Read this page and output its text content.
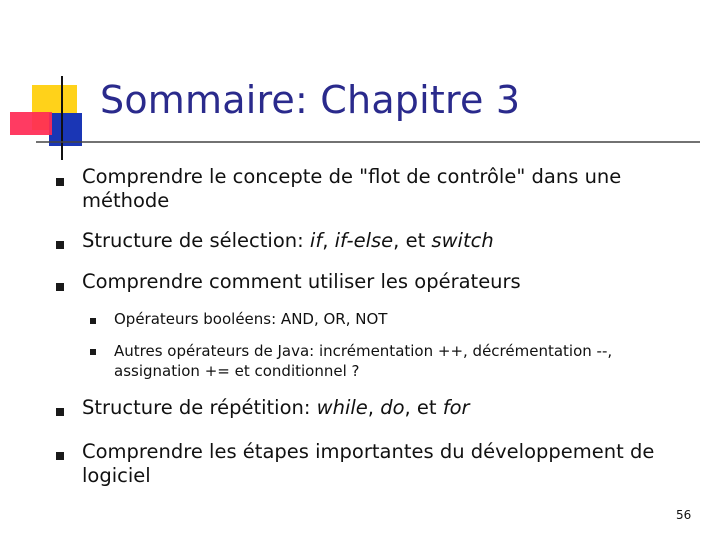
Sommaire: Chapitre 3
Comprendre le concepte de "flot de contrôle" dans une méthode
Structure de sélection: if, if-else, et switch
Comprendre comment utiliser les opérateurs
Opérateurs booléens: AND, OR, NOT
Autres opérateurs de Java: incrémentation ++, décrémentation --, assignation += et conditionnel ?
Structure de répétition: while, do, et for
Comprendre les étapes importantes du développement de logiciel
56
